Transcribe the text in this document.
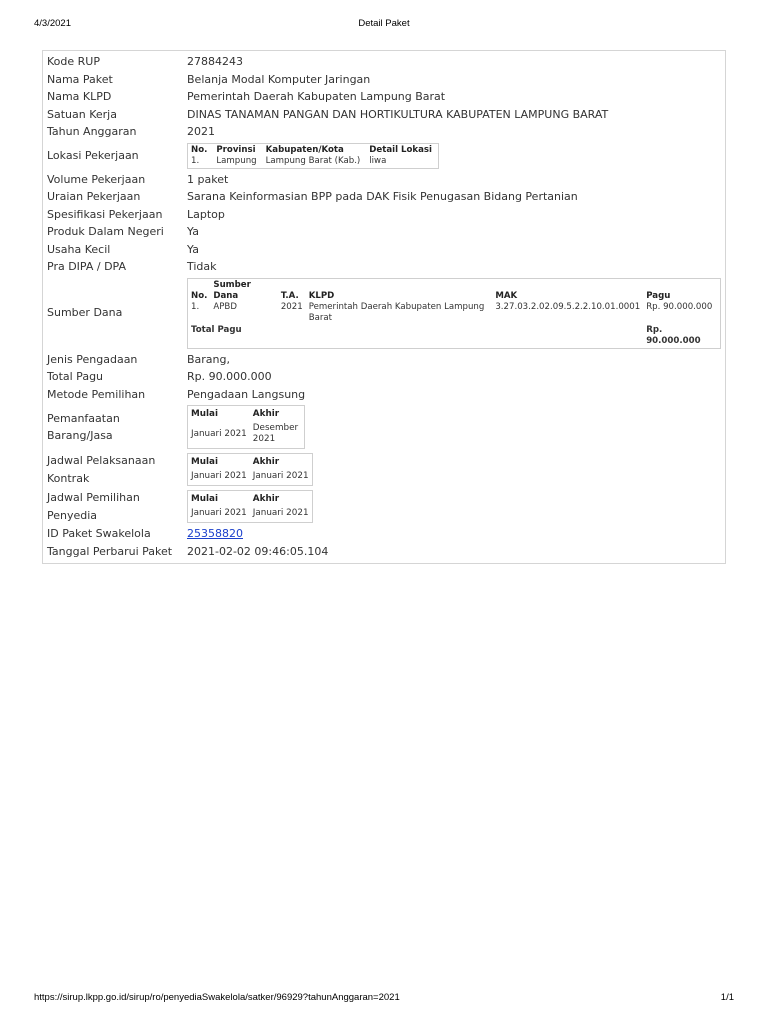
4/3/2021	Detail Paket
Kode RUP	27884243
Nama Paket	Belanja Modal Komputer Jaringan
Nama KLPD	Pemerintah Daerah Kabupaten Lampung Barat
Satuan Kerja	DINAS TANAMAN PANGAN DAN HORTIKULTURA KABUPATEN LAMPUNG BARAT
Tahun Anggaran	2021
Lokasi Pekerjaan		No.	Provinsi	Kabupaten/Kota	Detail Lokasi
1.	Lampung	Lampung Barat (Kab.)	liwa

Volume Pekerjaan	1 paket
Uraian Pekerjaan	Sarana Keinformasian BPP pada DAK Fisik Penugasan Bidang Pertanian
Spesifikasi Pekerjaan	Laptop
Produk Dalam Negeri	Ya
Usaha Kecil	Ya
Pra DIPA / DPA	Tidak
Sumber Dana	
No.	Sumber Dana	T.A.	KLPD	MAK	Pagu
1.	APBD	2021	Pemerintah Daerah Kabupaten Lampung Barat	3.27.03.2.02.09.5.2.2.10.01.0001	Rp. 90.000.000
Total Pagu	Rp. 90.000.000

Jenis Pengadaan	Barang,
Total Pagu	Rp. 90.000.000
Metode Pemilihan	Pengadaan Langsung
Pemanfaatan Barang/Jasa	
Mulai	Akhir
Januari 2021	Desember 2021

Jadwal Pelaksanaan Kontrak	
Mulai	Akhir
Januari 2021	Januari 2021

Jadwal Pemilihan Penyedia	
Mulai	Akhir
Januari 2021	Januari 2021

ID Paket Swakelola	25358820
Tanggal Perbarui Paket	2021-02-02 09:46:05.104
https://sirup.lkpp.go.id/sirup/ro/penyediaSwakelola/satker/96929?tahunAnggaran=2021	1/1
